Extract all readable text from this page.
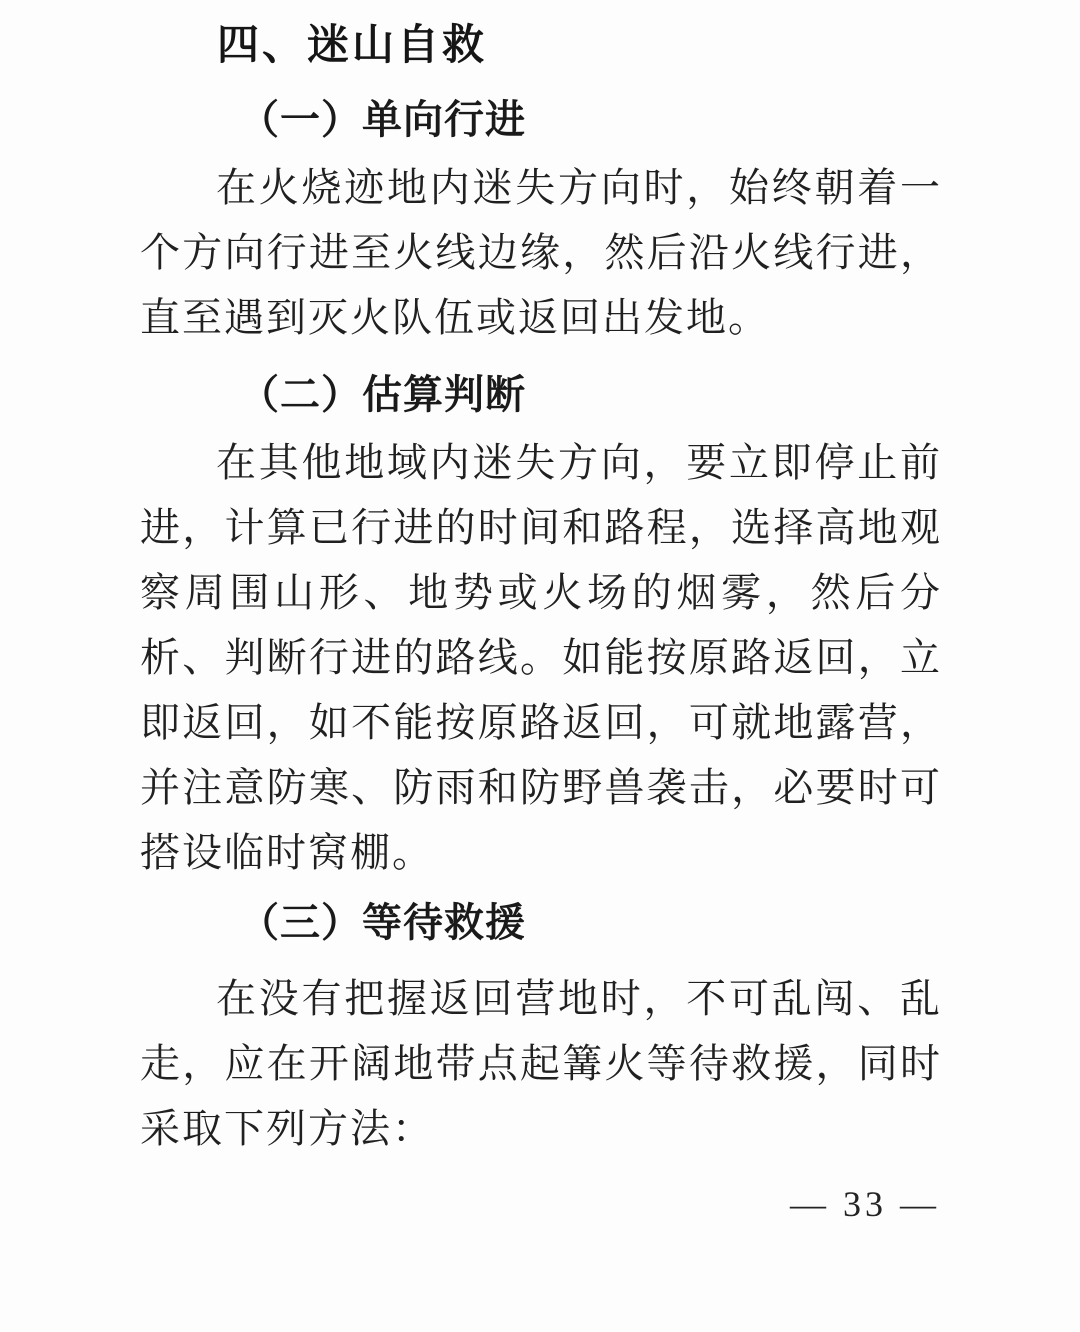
四、迷山自救
（一）单向行进
在火烧迹地内迷失方向时，始终朝着一
个方向行进至火线边缘，然后沿火线行进，
直至遇到灭火队伍或返回出发地。
（二）估算判断
在其他地域内迷失方向，要立即停止前
进，计算已行进的时间和路程，选择高地观
察周围山形、地势或火场的烟雾，然后分
析、判断行进的路线。如能按原路返回，立
即返回，如不能按原路返回，可就地露营，
并注意防寒、防雨和防野兽袭击，必要时可
搭设临时窝棚。
（三）等待救援
在没有把握返回营地时，不可乱闯、乱
走，应在开阔地带点起篝火等待救援，同时
采取下列方法：
— 33 —
